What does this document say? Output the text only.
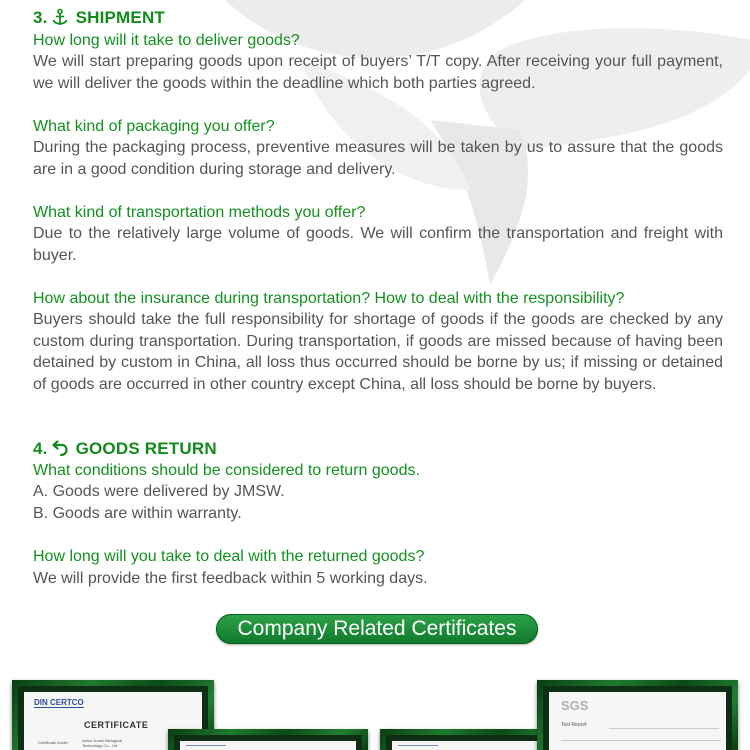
3. SHIPMENT
How long will it take to deliver goods?
We will start preparing goods upon receipt of buyers’ T/T copy. After receiving your full payment, we will deliver the goods within the deadline which both parties agreed.
What kind of packaging you offer?
During the packaging process, preventive measures will be taken by us to assure that the goods are in a good condition during storage and delivery.
What kind of transportation methods you offer?
Due to the relatively large volume of goods. We will confirm the transportation and freight with buyer.
How about the insurance during transportation? How to deal with the responsibility?
Buyers should take the full responsibility for shortage of goods if the goods are checked by any custom during transportation. During transportation, if goods are missed because of having been detained by custom in China, all loss thus occurred should be borne by us; if missing or detained of goods are occurred in other country except China, all loss should be borne by buyers.
4. GOODS RETURN
What conditions should be considered to return goods.
A. Goods were delivered by JMSW.
B. Goods are within warranty.
How long will you take to deal with the returned goods?
We will provide the first feedback within 5 working days.
Company Related Certificates
DIN CERTCO
CERTIFICATE
Certificate holder	Anhui Jumei Biological
Technology Co., Ltd
SGS
Test Report
